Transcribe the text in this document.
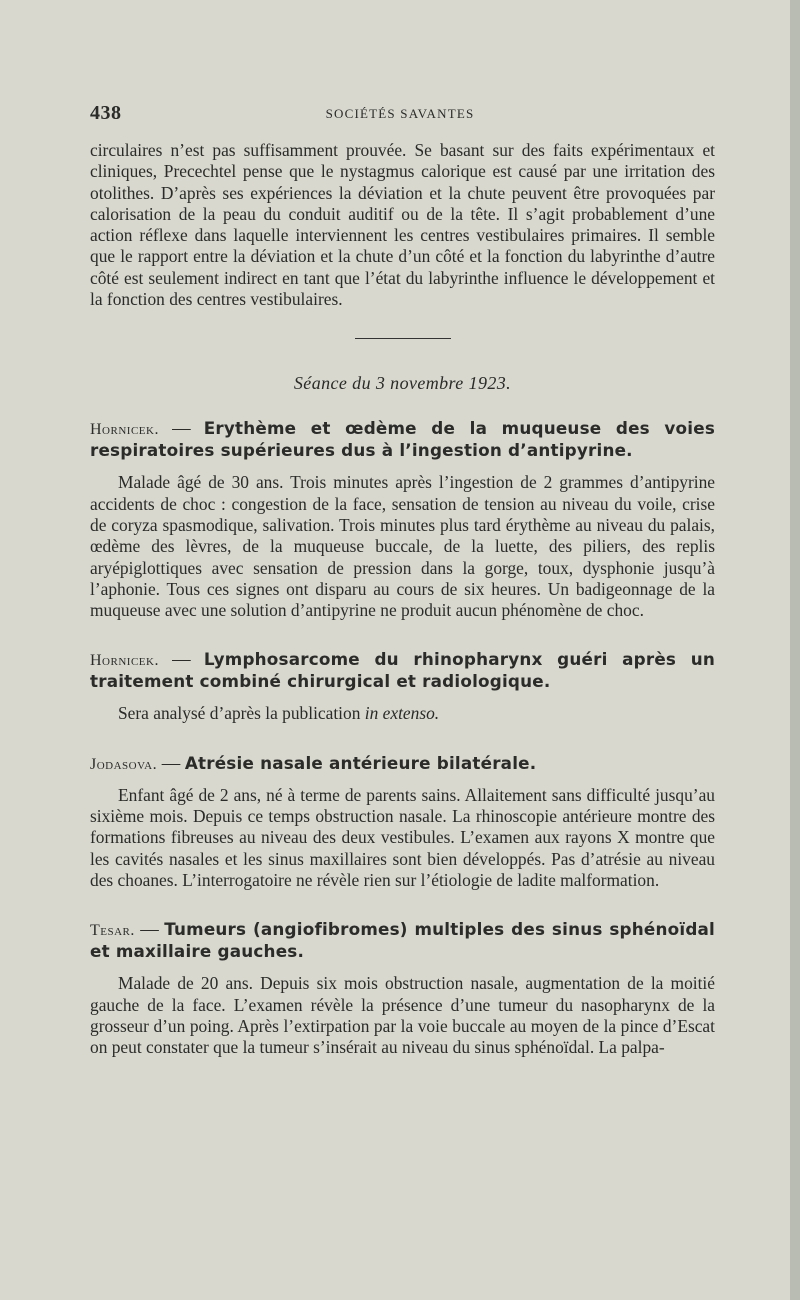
438	SOCIÉTÉS SAVANTES

circulaires n’est pas suffisamment prouvée. Se basant sur des faits expérimentaux et cliniques, Precechtel pense que le nystagmus calorique est causé par une irritation des otolithes. D’après ses expériences la déviation et la chute peuvent être provoquées par calorisation de la peau du conduit auditif ou de la tête. Il s’agit probablement d’une action réflexe dans laquelle interviennent les centres vestibulaires primaires. Il semble que le rapport entre la déviation et la chute d’un côté et la fonction du labyrinthe d’autre côté est seulement indirect en tant que l’état du labyrinthe influence le développement et la fonction des centres vestibulaires.

Séance du 3 novembre 1923.

Hornicek. — Erythème et œdème de la muqueuse des voies respiratoires supérieures dus à l’ingestion d’antipyrine.

Malade âgé de 30 ans. Trois minutes après l’ingestion de 2 grammes d’antipyrine accidents de choc : congestion de la face, sensation de tension au niveau du voile, crise de coryza spasmodique, salivation. Trois minutes plus tard érythème au niveau du palais, œdème des lèvres, de la muqueuse buccale, de la luette, des piliers, des replis aryépiglottiques avec sensation de pression dans la gorge, toux, dysphonie jusqu’à l’aphonie. Tous ces signes ont disparu au cours de six heures. Un badigeonnage de la muqueuse avec une solution d’antipyrine ne produit aucun phénomène de choc.

Hornicek. — Lymphosarcome du rhinopharynx guéri après un traitement combiné chirurgical et radiologique.

Sera analysé d’après la publication in extenso.

Jodasova. — Atrésie nasale antérieure bilatérale.

Enfant âgé de 2 ans, né à terme de parents sains. Allaitement sans difficulté jusqu’au sixième mois. Depuis ce temps obstruction nasale. La rhinoscopie antérieure montre des formations fibreuses au niveau des deux vestibules. L’examen aux rayons X montre que les cavités nasales et les sinus maxillaires sont bien développés. Pas d’atrésie au niveau des choanes. L’interrogatoire ne révèle rien sur l’étiologie de ladite malformation.

Tesar. — Tumeurs (angiofibromes) multiples des sinus sphénoïdal et maxillaire gauches.

Malade de 20 ans. Depuis six mois obstruction nasale, augmentation de la moitié gauche de la face. L’examen révèle la présence d’une tumeur du nasopharynx de la grosseur d’un poing. Après l’extirpation par la voie buccale au moyen de la pince d’Escat on peut constater que la tumeur s’insérait au niveau du sinus sphénoïdal. La palpa-
